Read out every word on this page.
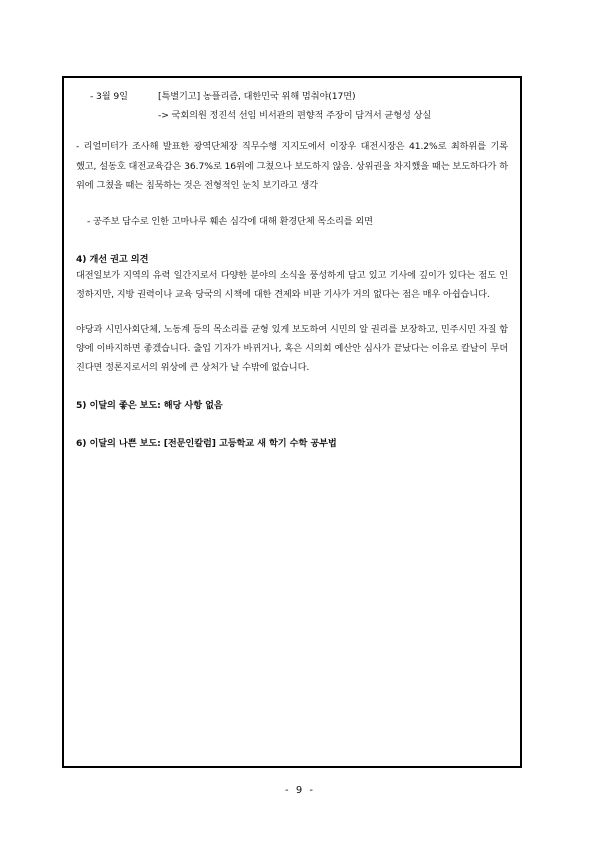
- 3월 9일	[특별기고] 농플리즘, 대한민국 위해 멈춰야(17면)
-> 국회의원 정진석 선임 비서관의 편향적 주장이 담겨서 균형성 상실
- 리얼미터가 조사해 발표한 광역단체장 직무수행 지지도에서 이장우 대전시장은 41.2%로 최하위를 기록
했고, 설동호 대전교육감은 36.7%로 16위에 그쳤으나 보도하지 않음. 상위권을 차지했을 때는 보도하다가 하
위에 그쳤을 때는 침묵하는 것은 전형적인 눈치 보기라고 생각
- 공주보 담수로 인한 고마나루 훼손 심각에 대해 환경단체 목소리를 외면
4) 개선 권고 의견
대전일보가 지역의 유력 일간지로서 다양한 분야의 소식을 풍성하게 담고 있고 기사에 깊이가 있다는 점도 인
정하지만, 지방 권력이나 교육 당국의 시책에 대한 견제와 비판 기사가 거의 없다는 점은 매우 아쉽습니다.
야당과 시민사회단체, 노동계 등의 목소리를 균형 있게 보도하여 시민의 알 권리를 보장하고, 민주시민 자질 함
양에 이바지하면 좋겠습니다. 출입 기자가 바뀌거나, 혹은 시의회 예산안 심사가 끝났다는 이유로 칼날이 무뎌
진다면 정론지로서의 위상에 큰 상처가 날 수밖에 없습니다.
5) 이달의 좋은 보도: 해당 사항 없음
6) 이달의 나쁜 보도: [전문인칼럼] 고등학교 새 학기 수학 공부법
- 9 -
